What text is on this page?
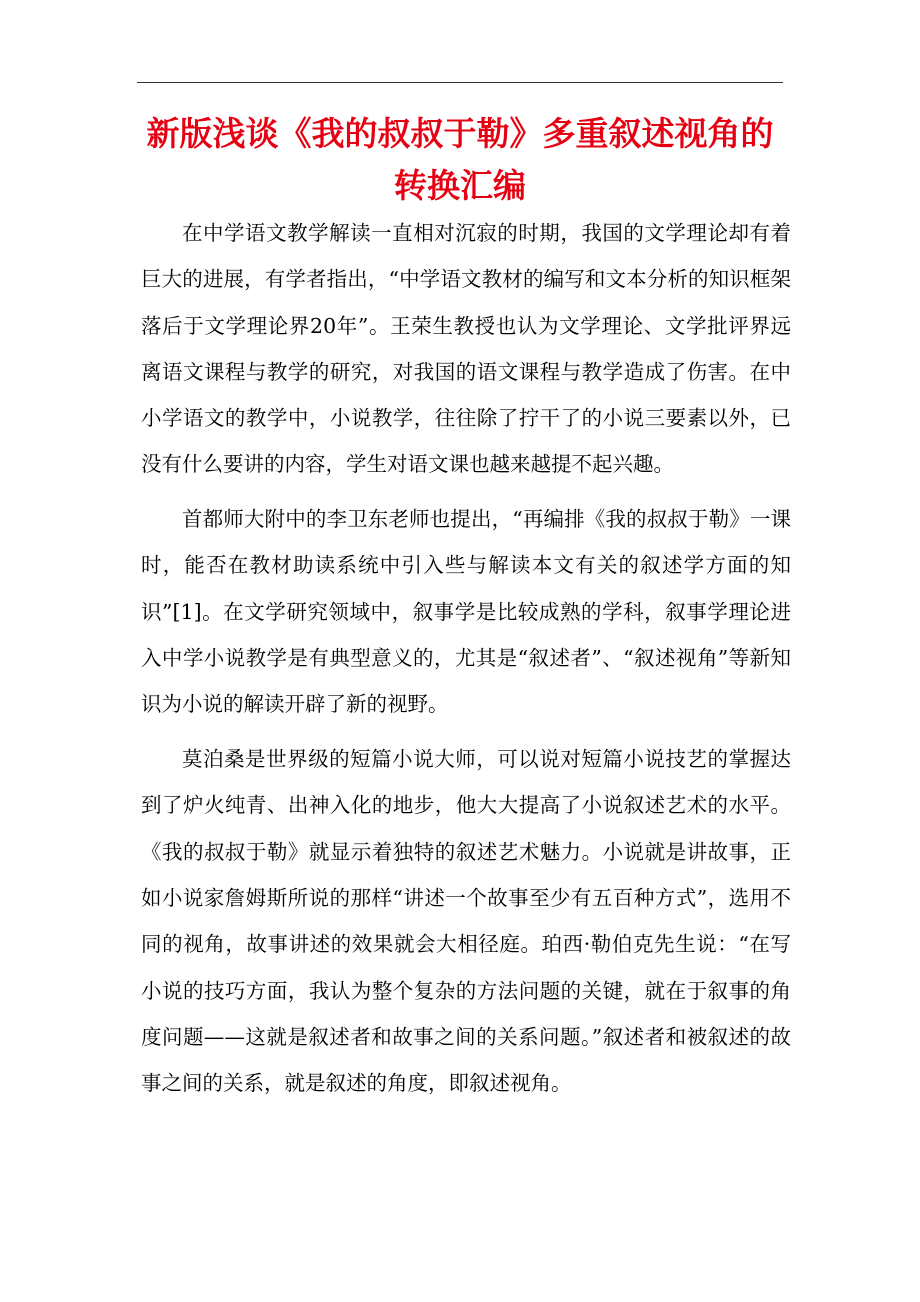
新版浅谈《我的叔叔于勒》多重叙述视角的
转换汇编

在中学语文教学解读一直相对沉寂的时期，我国的文学理论却有着巨大的进展，有学者指出，“中学语文教材的编写和文本分析的知识框架落后于文学理论界20年”。王荣生教授也认为文学理论、文学批评界远离语文课程与教学的研究，对我国的语文课程与教学造成了伤害。在中小学语文的教学中，小说教学，往往除了拧干了的小说三要素以外，已没有什么要讲的内容，学生对语文课也越来越提不起兴趣。

首都师大附中的李卫东老师也提出，“再编排《我的叔叔于勒》一课时，能否在教材助读系统中引入些与解读本文有关的叙述学方面的知识”[1]。在文学研究领域中，叙事学是比较成熟的学科，叙事学理论进入中学小说教学是有典型意义的，尤其是“叙述者”、“叙述视角”等新知识为小说的解读开辟了新的视野。

莫泊桑是世界级的短篇小说大师，可以说对短篇小说技艺的掌握达到了炉火纯青、出神入化的地步，他大大提高了小说叙述艺术的水平。《我的叔叔于勒》就显示着独特的叙述艺术魅力。小说就是讲故事，正如小说家詹姆斯所说的那样“讲述一个故事至少有五百种方式”，选用不同的视角，故事讲述的效果就会大相径庭。珀西·勒伯克先生说：“在写小说的技巧方面，我认为整个复杂的方法问题的关键，就在于叙事的角度问题——这就是叙述者和故事之间的关系问题。”叙述者和被叙述的故事之间的关系，就是叙述的角度，即叙述视角。
